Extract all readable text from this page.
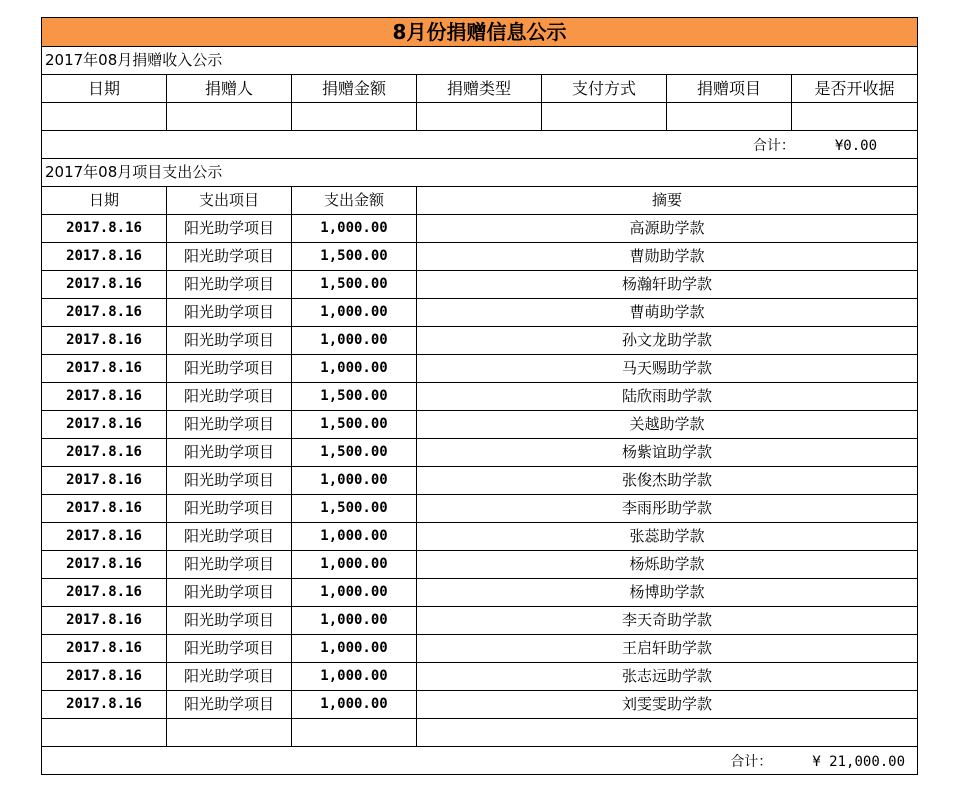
8月份捐赠信息公示						
2017年08月捐赠收入公示						
日期	捐赠人	捐赠金额	捐赠类型	支付方式	捐赠项目	是否开收据

合计： ¥0.00						
2017年08月项目支出公示						
日期	支出项目	支出金额	摘要			
2017.8.16	阳光助学项目	1,000.00	高源助学款			
2017.8.16	阳光助学项目	1,500.00	曹勋助学款			
2017.8.16	阳光助学项目	1,500.00	杨瀚轩助学款			
2017.8.16	阳光助学项目	1,000.00	曹萌助学款			
2017.8.16	阳光助学项目	1,000.00	孙文龙助学款			
2017.8.16	阳光助学项目	1,000.00	马天赐助学款			
2017.8.16	阳光助学项目	1,500.00	陆欣雨助学款			
2017.8.16	阳光助学项目	1,500.00	关越助学款			
2017.8.16	阳光助学项目	1,500.00	杨紫谊助学款			
2017.8.16	阳光助学项目	1,000.00	张俊杰助学款			
2017.8.16	阳光助学项目	1,500.00	李雨彤助学款			
2017.8.16	阳光助学项目	1,000.00	张蕊助学款			
2017.8.16	阳光助学项目	1,000.00	杨烁助学款			
2017.8.16	阳光助学项目	1,000.00	杨博助学款			
2017.8.16	阳光助学项目	1,000.00	李天奇助学款			
2017.8.16	阳光助学项目	1,000.00	王启轩助学款			
2017.8.16	阳光助学项目	1,000.00	张志远助学款			
2017.8.16	阳光助学项目	1,000.00	刘雯雯助学款			

合计： ¥ 21,000.00						
